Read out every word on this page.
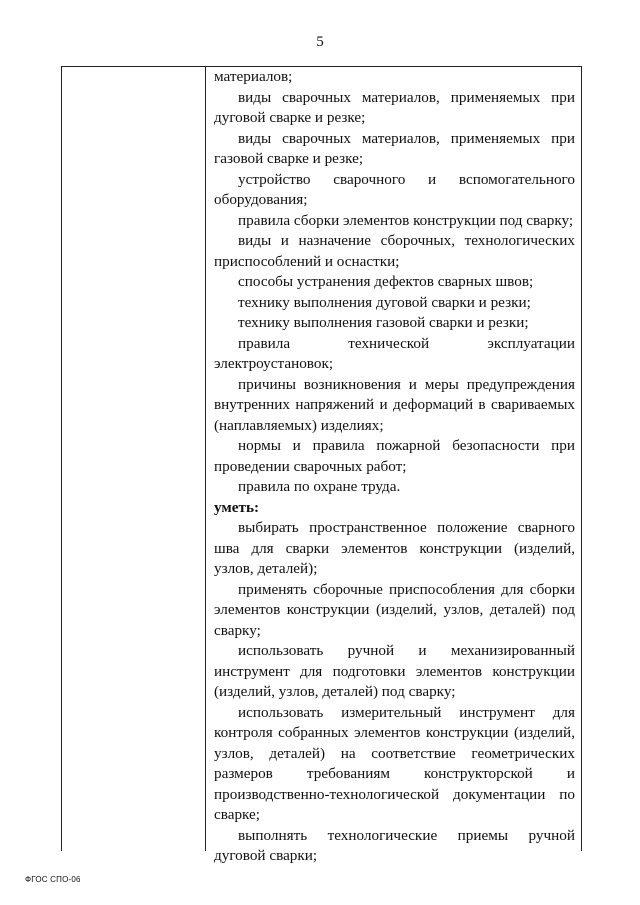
5

материалов;

виды сварочных материалов, применяемых при дуговой сварке и резке;

виды сварочных материалов, применяемых при газовой сварке и резке;

устройство сварочного и вспомогательного оборудования;

правила сборки элементов конструкции под сварку;

виды и назначение сборочных, технологических приспособлений и оснастки;

способы устранения дефектов сварных швов;

технику выполнения дуговой сварки и резки;

технику выполнения газовой сварки и резки;

правила технической эксплуатации электроустановок;

причины возникновения и меры предупреждения внутренних напряжений и деформаций в свариваемых (наплавляемых) изделиях;

нормы и правила пожарной безопасности при проведении сварочных работ;

правила по охране труда.

уметь:

выбирать пространственное положение сварного шва для сварки элементов конструкции (изделий, узлов, деталей);

применять сборочные приспособления для сборки элементов конструкции (изделий, узлов, деталей) под сварку;

использовать ручной и механизированный инструмент для подготовки элементов конструкции (изделий, узлов, деталей) под сварку;

использовать измерительный инструмент для контроля собранных элементов конструкции (изделий, узлов, деталей) на соответствие геометрических размеров требованиям конструкторской и производственно-технологической документации по сварке;

выполнять технологические приемы ручной дуговой сварки;

ФГОС СПО-06
